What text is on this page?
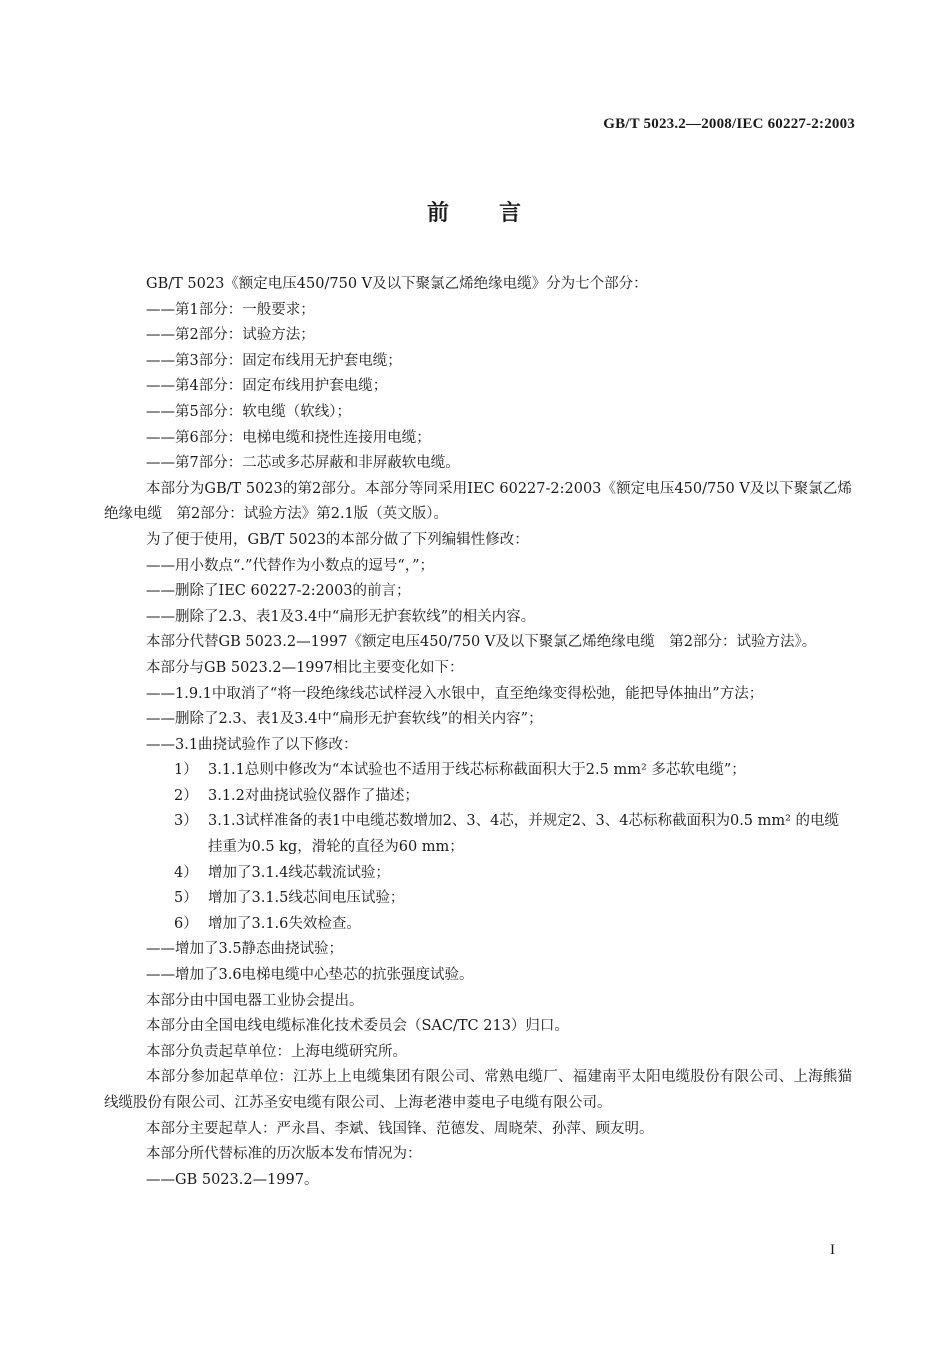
GB/T 5023.2—2008/IEC 60227-2:2003
前　　言

GB/T 5023《额定电压450/750 V及以下聚氯乙烯绝缘电缆》分为七个部分：

——第1部分：一般要求；

——第2部分：试验方法；

——第3部分：固定布线用无护套电缆；

——第4部分：固定布线用护套电缆；

——第5部分：软电缆（软线）；

——第6部分：电梯电缆和挠性连接用电缆；

——第7部分：二芯或多芯屏蔽和非屏蔽软电缆。

本部分为GB/T 5023的第2部分。本部分等同采用IEC 60227-2:2003《额定电压450/750 V及以下聚氯乙烯绝缘电缆　第2部分：试验方法》第2.1版（英文版）。

为了便于使用，GB/T 5023的本部分做了下列编辑性修改：

——用小数点“.”代替作为小数点的逗号“，”；

——删除了IEC 60227-2:2003的前言；

——删除了2.3、表1及3.4中“扁形无护套软线”的相关内容。

本部分代替GB 5023.2—1997《额定电压450/750 V及以下聚氯乙烯绝缘电缆　第2部分：试验方法》。

本部分与GB 5023.2—1997相比主要变化如下：

——1.9.1中取消了“将一段绝缘线芯试样浸入水银中，直至绝缘变得松弛，能把导体抽出”方法；

——删除了2.3、表1及3.4中“扁形无护套软线”的相关内容”；

——3.1曲挠试验作了以下修改：

1） 3.1.1总则中修改为“本试验也不适用于线芯标称截面积大于2.5 mm² 多芯软电缆”；
2） 3.1.2对曲挠试验仪器作了描述；
3） 3.1.3试样准备的表1中电缆芯数增加2、3、4芯，并规定2、3、4芯标称截面积为0.5 mm² 的电缆挂重为0.5 kg，滑轮的直径为60 mm；
4） 增加了3.1.4线芯载流试验；
5） 增加了3.1.5线芯间电压试验；
6） 增加了3.1.6失效检查。

——增加了3.5静态曲挠试验；

——增加了3.6电梯电缆中心垫芯的抗张强度试验。

本部分由中国电器工业协会提出。

本部分由全国电线电缆标准化技术委员会（SAC/TC 213）归口。

本部分负责起草单位：上海电缆研究所。

本部分参加起草单位：江苏上上电缆集团有限公司、常熟电缆厂、福建南平太阳电缆股份有限公司、上海熊猫线缆股份有限公司、江苏圣安电缆有限公司、上海老港申菱电子电缆有限公司。

本部分主要起草人：严永昌、李斌、钱国锋、范德发、周晓荣、孙萍、顾友明。

本部分所代替标准的历次版本发布情况为：

——GB 5023.2—1997。

I
